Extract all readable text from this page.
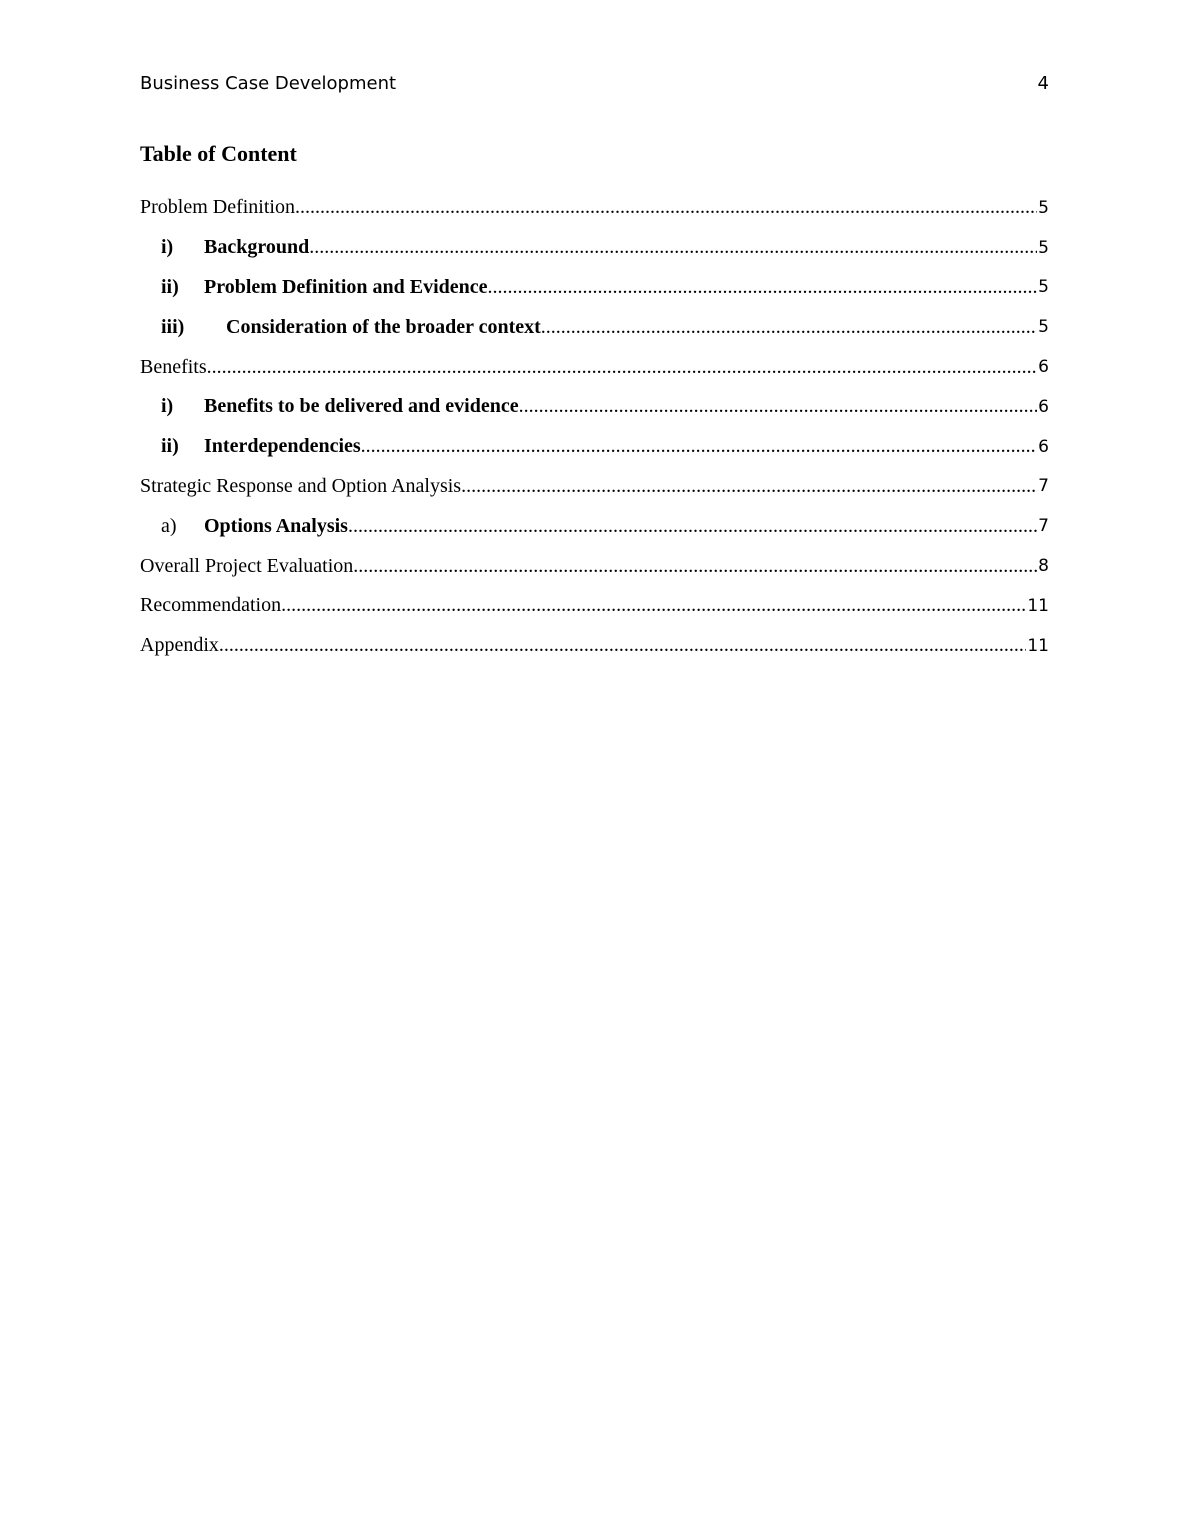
Business Case Development	4
Table of Content
Problem Definition .....	5
i)	Background .....	5
ii)	Problem Definition and Evidence .....	5
iii)	Consideration of the broader context .....	5
Benefits .....	6
i)	Benefits to be delivered and evidence .....	6
ii)	Interdependencies .....	6
Strategic Response and Option Analysis .....	7
a)	Options Analysis .....	7
Overall Project Evaluation .....	8
Recommendation .....	11
Appendix .....	11
